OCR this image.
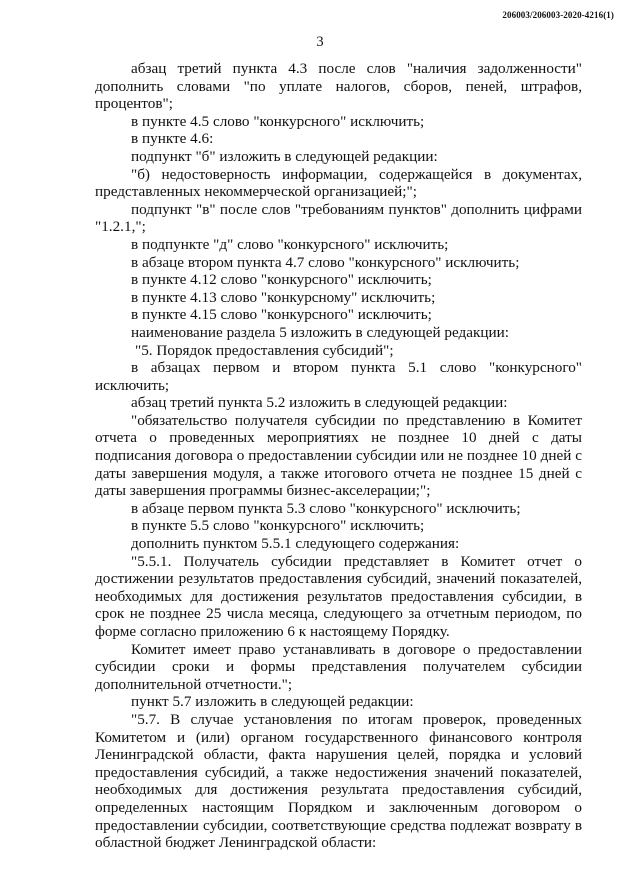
206003/206003-2020-4216(1)
3

абзац третий пункта 4.3 после слов "наличия задолженности" дополнить словами "по уплате налогов, сборов, пеней, штрафов, процентов";

в пункте 4.5 слово "конкурсного" исключить;

в пункте 4.6:

подпункт "б" изложить в следующей редакции:

"б) недостоверность информации, содержащейся в документах, представленных некоммерческой организацией;";

подпункт "в" после слов "требованиям пунктов" дополнить цифрами "1.2.1,";

в подпункте "д" слово "конкурсного" исключить;

в абзаце втором пункта 4.7 слово "конкурсного" исключить;

в пункте 4.12 слово "конкурсного" исключить;

в пункте 4.13 слово "конкурсному" исключить;

в пункте 4.15 слово "конкурсного" исключить;

наименование раздела 5 изложить в следующей редакции:

"5. Порядок предоставления субсидий";

в абзацах первом и втором пункта 5.1 слово "конкурсного" исключить;

абзац третий пункта 5.2 изложить в следующей редакции:

"обязательство получателя субсидии по представлению в Комитет отчета о проведенных мероприятиях не позднее 10 дней с даты подписания договора о предоставлении субсидии или не позднее 10 дней с даты завершения модуля, а также итогового отчета не позднее 15 дней с даты завершения программы бизнес-акселерации;";

в абзаце первом пункта 5.3 слово "конкурсного" исключить;

в пункте 5.5 слово "конкурсного" исключить;

дополнить пунктом 5.5.1 следующего содержания:

"5.5.1. Получатель субсидии представляет в Комитет отчет о достижении результатов предоставления субсидий, значений показателей, необходимых для достижения результатов предоставления субсидии, в срок не позднее 25 числа месяца, следующего за отчетным периодом, по форме согласно приложению 6 к настоящему Порядку.

Комитет имеет право устанавливать в договоре о предоставлении субсидии сроки и формы представления получателем субсидии дополнительной отчетности.";

пункт 5.7 изложить в следующей редакции:

"5.7. В случае установления по итогам проверок, проведенных Комитетом и (или) органом государственного финансового контроля Ленинградской области, факта нарушения целей, порядка и условий предоставления субсидий, а также недостижения значений показателей, необходимых для достижения результата предоставления субсидий, определенных настоящим Порядком и заключенным договором о предоставлении субсидии, соответствующие средства подлежат возврату в областной бюджет Ленинградской области:
